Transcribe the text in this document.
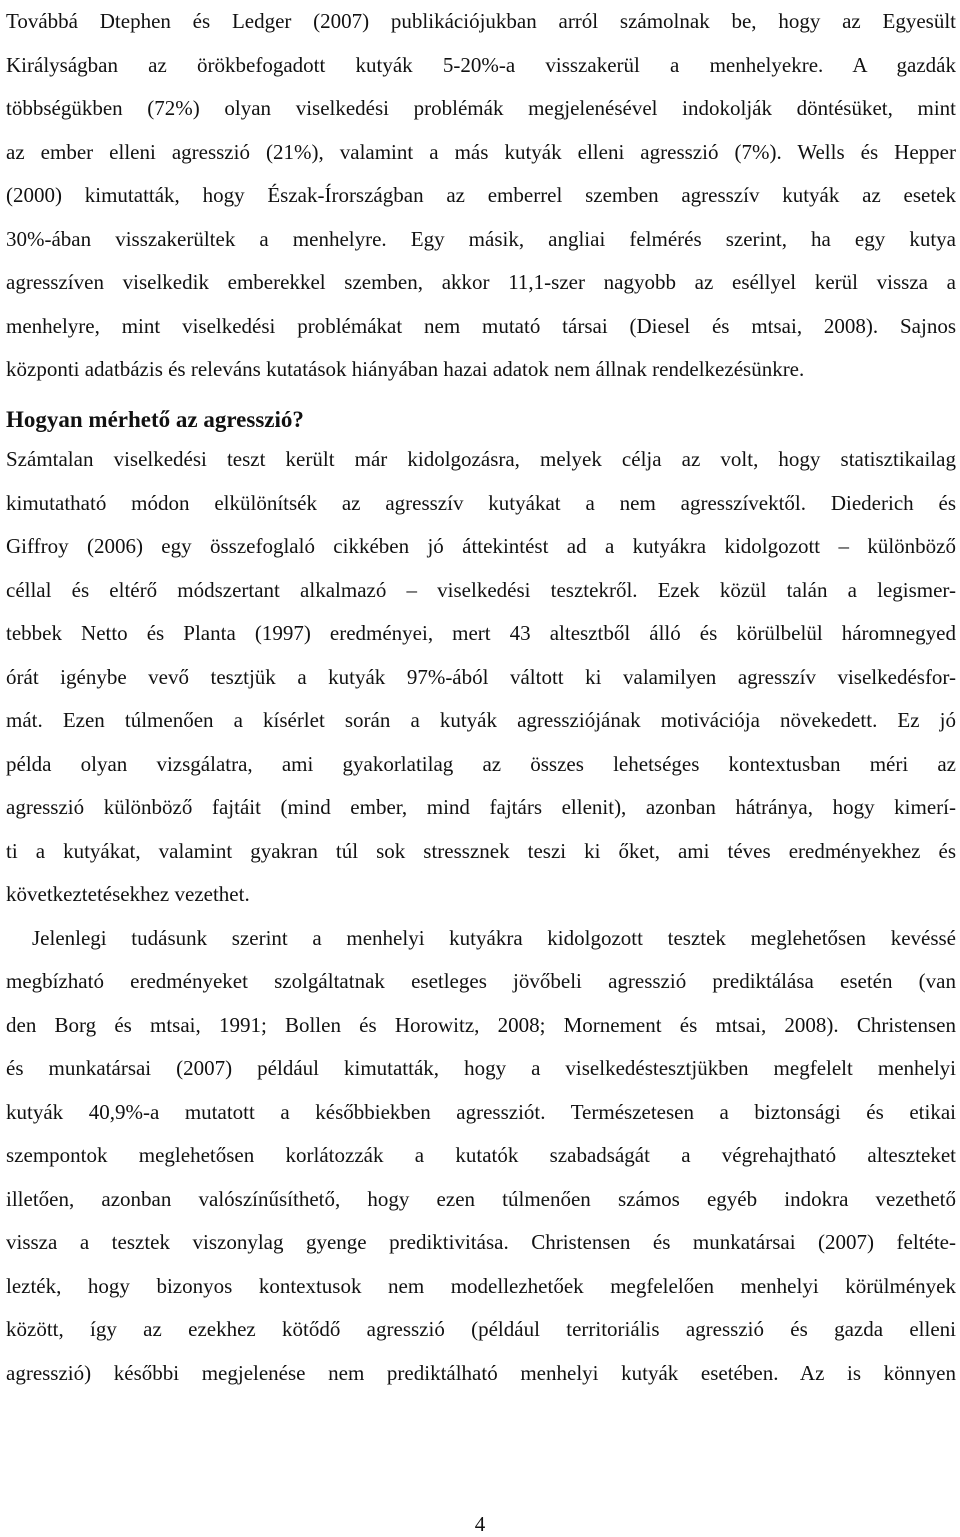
Továbbá Dtephen és Ledger (2007) publikációjukban arról számolnak be, hogy az Egyesült
Királyságban az örökbefogadott kutyák 5-20%-a visszakerül a menhelyekre. A gazdák
többségükben (72%) olyan viselkedési problémák megjelenésével indokolják döntésüket, mint
az ember elleni agresszió (21%), valamint a más kutyák elleni agresszió (7%). Wells és Hepper
(2000) kimutatták, hogy Észak-Írországban az emberrel szemben agresszív kutyák az esetek
30%-ában visszakerültek a menhelyre. Egy másik, angliai felmérés szerint, ha egy kutya
agresszíven viselkedik emberekkel szemben, akkor 11,1-szer nagyobb az eséllyel kerül vissza a
menhelyre, mint viselkedési problémákat nem mutató társai (Diesel és mtsai, 2008). Sajnos
központi adatbázis és releváns kutatások hiányában hazai adatok nem állnak rendelkezésünkre.
Hogyan mérhető az agresszió?
Számtalan viselkedési teszt került már kidolgozásra, melyek célja az volt, hogy statisztikailag
kimutatható módon elkülönítsék az agresszív kutyákat a nem agresszívektől. Diederich és
Giffroy (2006) egy összefoglaló cikkében jó áttekintést ad a kutyákra kidolgozott – különböző
céllal és eltérő módszertant alkalmazó – viselkedési tesztekről. Ezek közül talán a legismer-
tebbek Netto és Planta (1997) eredményei, mert 43 altesztből álló és körülbelül háromnegyed
órát igénybe vevő tesztjük a kutyák 97%-ából váltott ki valamilyen agresszív viselkedésfor-
mát. Ezen túlmenően a kísérlet során a kutyák agressziójának motivációja növekedett. Ez jó
példa olyan vizsgálatra, ami gyakorlatilag az összes lehetséges kontextusban méri az
agresszió különböző fajtáit (mind ember, mind fajtárs ellenit), azonban hátránya, hogy kimerí-
ti a kutyákat, valamint gyakran túl sok stressznek teszi ki őket, ami téves eredményekhez és
következtetésekhez vezethet.
Jelenlegi tudásunk szerint a menhelyi kutyákra kidolgozott tesztek meglehetősen kevéssé
megbízható eredményeket szolgáltatnak esetleges jövőbeli agresszió prediktálása esetén (van
den Borg és mtsai, 1991; Bollen és Horowitz, 2008; Mornement és mtsai, 2008). Christensen
és munkatársai (2007) például kimutatták, hogy a viselkedéstesztjükben megfelelt menhelyi
kutyák 40,9%-a mutatott a későbbiekben agressziót. Természetesen a biztonsági és etikai
szempontok meglehetősen korlátozzák a kutatók szabadságát a végrehajtható alteszteket
illetően, azonban valószínűsíthető, hogy ezen túlmenően számos egyéb indokra vezethető
vissza a tesztek viszonylag gyenge prediktivitása. Christensen és munkatársai (2007) feltéte-
lezték, hogy bizonyos kontextusok nem modellezhetőek megfelelően menhelyi körülmények
között, így az ezekhez kötődő agresszió (például territoriális agresszió és gazda elleni
agresszió) későbbi megjelenése nem prediktálható menhelyi kutyák esetében. Az is könnyen
4
